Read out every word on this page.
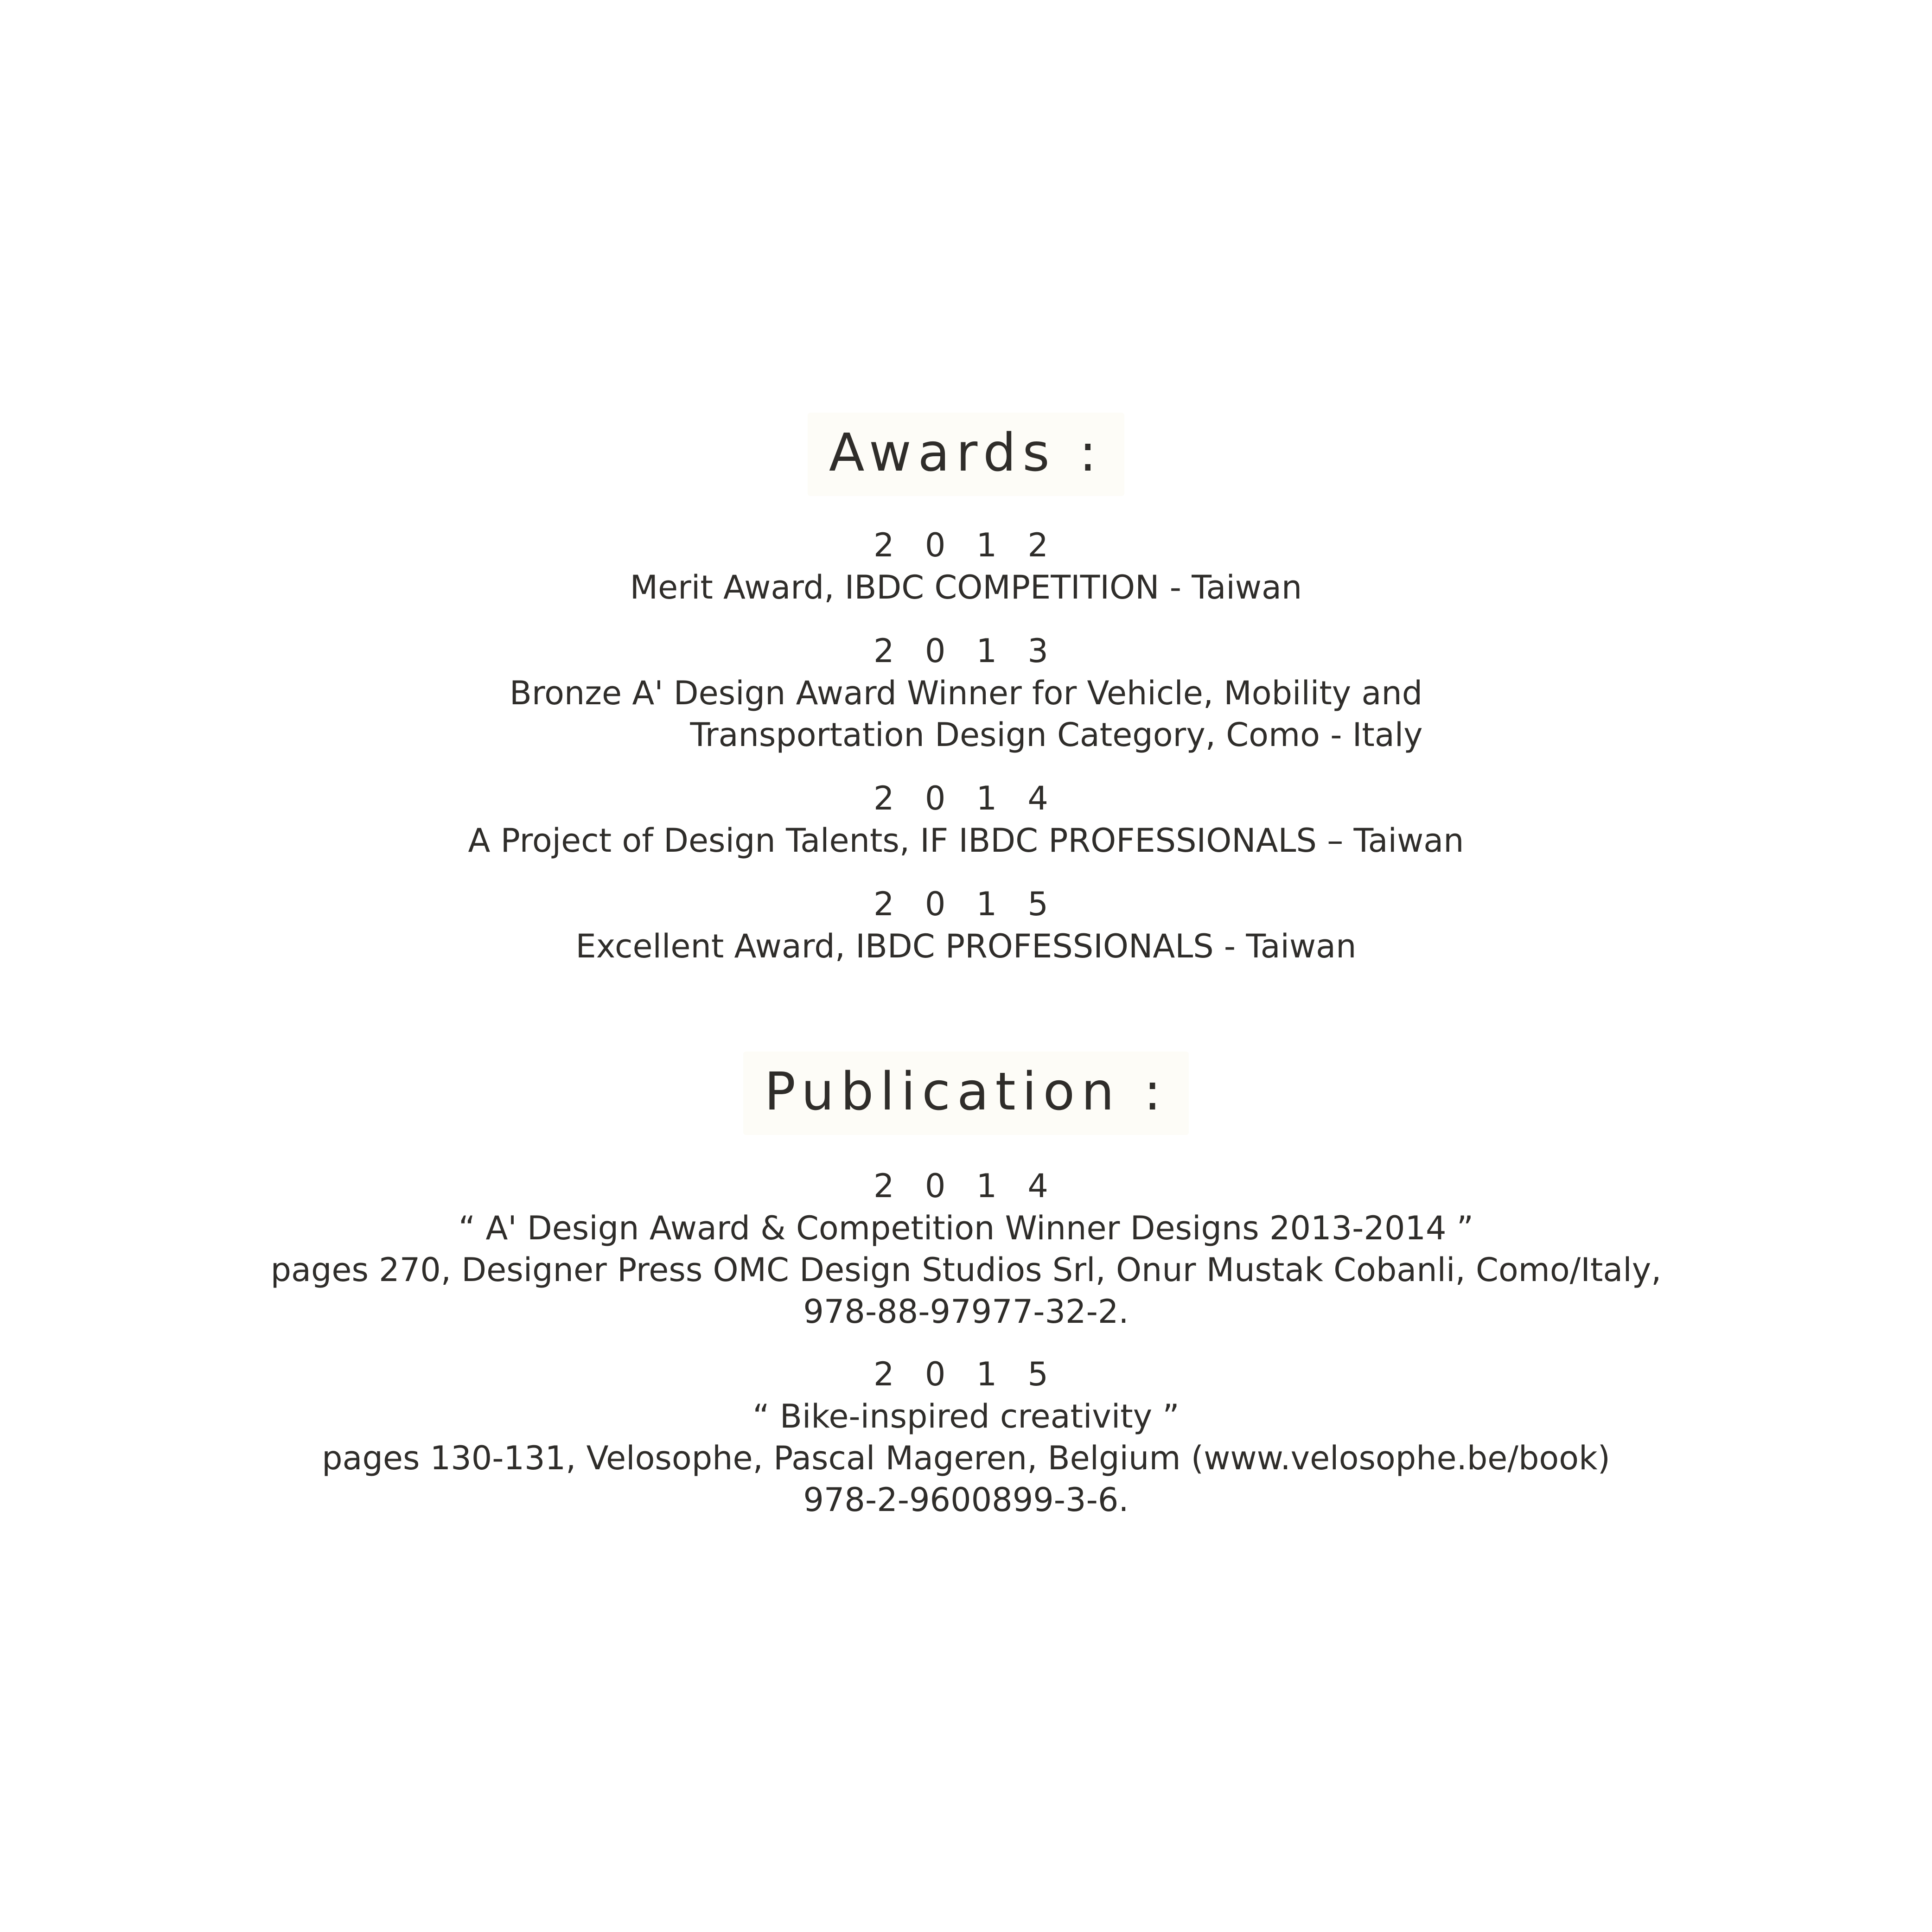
Awards :
2 0 1 2
Merit Award, IBDC COMPETITION - Taiwan
2 0 1 3
Bronze A' Design Award Winner for Vehicle, Mobility and
Transportation Design Category, Como - Italy
2 0 1 4
A Project of Design Talents, IF IBDC PROFESSIONALS – Taiwan
2 0 1 5
Excellent Award, IBDC PROFESSIONALS - Taiwan
Publication :
2 0 1 4
“ A' Design Award & Competition Winner Designs 2013-2014 ”
pages 270, Designer Press OMC Design Studios Srl, Onur Mustak Cobanli, Como/Italy,
978-88-97977-32-2.
2 0 1 5
“ Bike-inspired creativity ”
pages 130-131, Velosophe, Pascal Mageren, Belgium (www.velosophe.be/book)
978-2-9600899-3-6.
